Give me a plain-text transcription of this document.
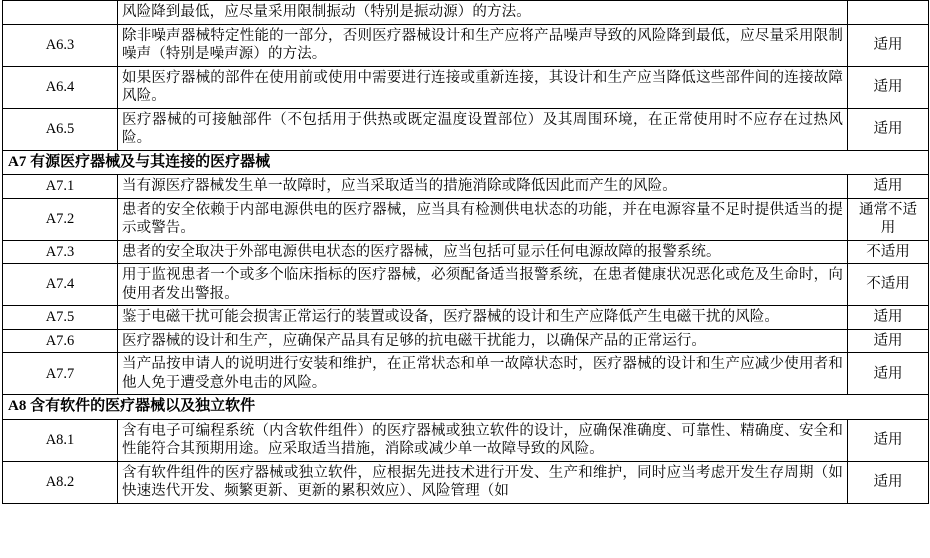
	风险降到最低，应尽量采用限制振动（特别是振动源）的方法。	
A6.3	除非噪声器械特定性能的一部分，否则医疗器械设计和生产应将产品噪声导致的风险降到最低，应尽量采用限制噪声（特别是噪声源）的方法。	适用
A6.4	如果医疗器械的部件在使用前或使用中需要进行连接或重新连接，其设计和生产应当降低这些部件间的连接故障风险。	适用
A6.5	医疗器械的可接触部件（不包括用于供热或既定温度设置部位）及其周围环境，在正常使用时不应存在过热风险。	适用
A7 有源医疗器械及与其连接的医疗器械		
A7.1	当有源医疗器械发生单一故障时，应当采取适当的措施消除或降低因此而产生的风险。	适用
A7.2	患者的安全依赖于内部电源供电的医疗器械，应当具有检测供电状态的功能，并在电源容量不足时提供适当的提示或警告。	通常不适用
A7.3	患者的安全取决于外部电源供电状态的医疗器械，应当包括可显示任何电源故障的报警系统。	不适用
A7.4	用于监视患者一个或多个临床指标的医疗器械，必须配备适当报警系统，在患者健康状况恶化或危及生命时，向使用者发出警报。	不适用
A7.5	鉴于电磁干扰可能会损害正常运行的装置或设备，医疗器械的设计和生产应降低产生电磁干扰的风险。	适用
A7.6	医疗器械的设计和生产，应确保产品具有足够的抗电磁干扰能力，以确保产品的正常运行。	适用
A7.7	当产品按申请人的说明进行安装和维护，在正常状态和单一故障状态时，医疗器械的设计和生产应减少使用者和他人免于遭受意外电击的风险。	适用
A8 含有软件的医疗器械以及独立软件		
A8.1	含有电子可编程系统（内含软件组件）的医疗器械或独立软件的设计，应确保准确度、可靠性、精确度、安全和性能符合其预期用途。应采取适当措施，消除或减少单一故障导致的风险。	适用
A8.2	含有软件组件的医疗器械或独立软件，应根据先进技术进行开发、生产和维护，同时应当考虑开发生存周期（如快速迭代开发、频繁更新、更新的累积效应）、风险管理（如	适用
